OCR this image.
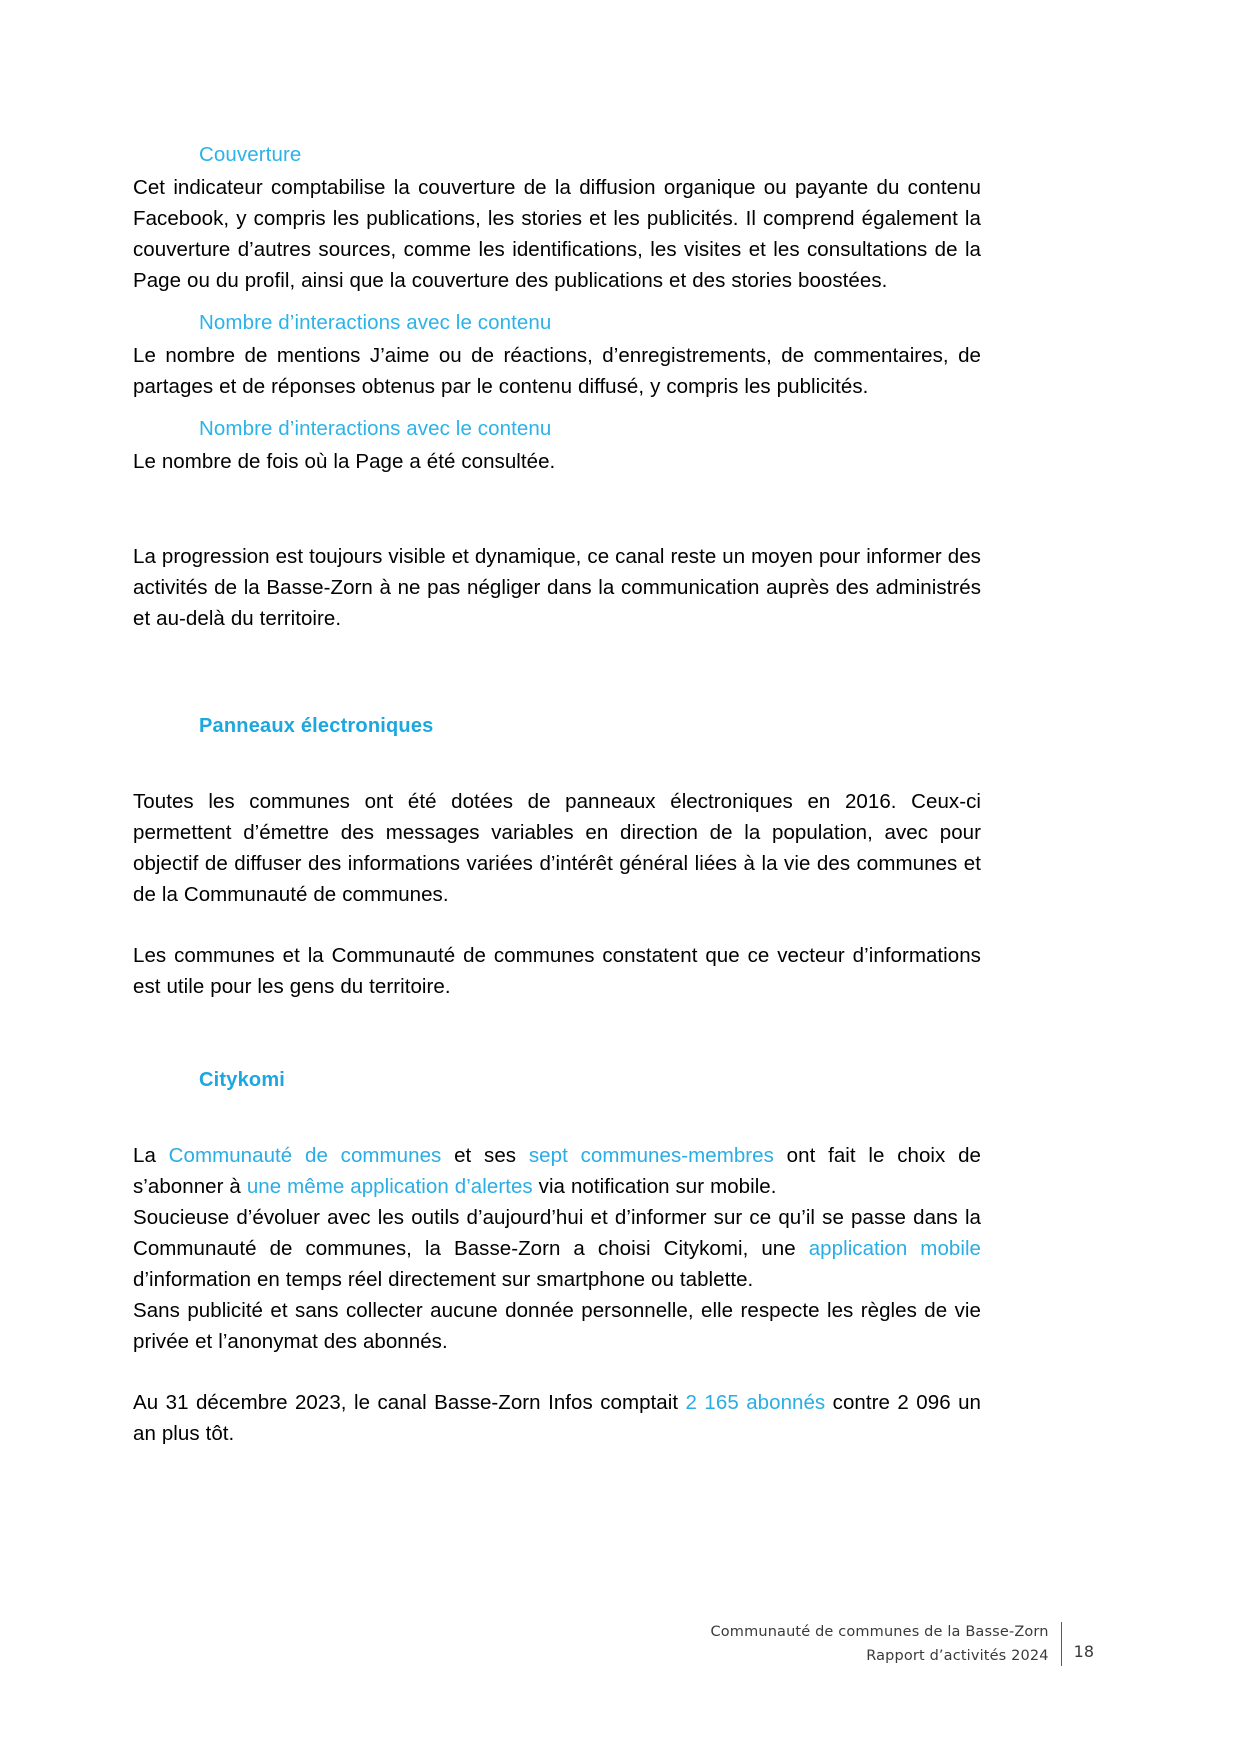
Couverture

Cet indicateur comptabilise la couverture de la diffusion organique ou payante du contenu Facebook, y compris les publications, les stories et les publicités. Il comprend également la couverture d’autres sources, comme les identifications, les visites et les consultations de la Page ou du profil, ainsi que la couverture des publications et des stories boostées.

Nombre d’interactions avec le contenu

Le nombre de mentions J’aime ou de réactions, d’enregistrements, de commentaires, de partages et de réponses obtenus par le contenu diffusé, y compris les publicités.

Nombre d’interactions avec le contenu

Le nombre de fois où la Page a été consultée.

La progression est toujours visible et dynamique, ce canal reste un moyen pour informer des activités de la Basse-Zorn à ne pas négliger dans la communication auprès des administrés et au-delà du territoire.

Panneaux électroniques

Toutes les communes ont été dotées de panneaux électroniques en 2016. Ceux-ci permettent d’émettre des messages variables en direction de la population, avec pour objectif de diffuser des informations variées d’intérêt général liées à la vie des communes et de la Communauté de communes.

Les communes et la Communauté de communes constatent que ce vecteur d’informations est utile pour les gens du territoire.

Citykomi

La Communauté de communes et ses sept communes-membres ont fait le choix de s’abonner à une même application d’alertes via notification sur mobile.

Soucieuse d’évoluer avec les outils d’aujourd’hui et d’informer sur ce qu’il se passe dans la Communauté de communes, la Basse-Zorn a choisi Citykomi, une application mobile d’information en temps réel directement sur smartphone ou tablette.

Sans publicité et sans collecter aucune donnée personnelle, elle respecte les règles de vie privée et l’anonymat des abonnés.

Au 31 décembre 2023, le canal Basse-Zorn Infos comptait 2 165 abonnés contre 2 096 un an plus tôt.

Communauté de communes de la Basse-Zorn
Rapport d’activités 2024 18
